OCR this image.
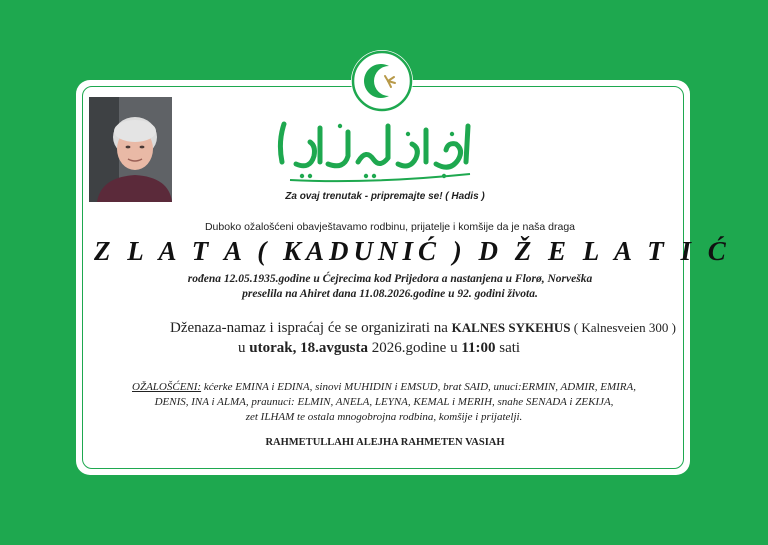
Za ovaj trenutak - pripremajte se! ( Hadis )
Duboko ožalošćeni obavještavamo rodbinu, prijatelje i komšije da je naša draga
Z L A T A ( KADUNIĆ ) D Ž E L A T I Ć
rođena 12.05.1935.godine u Ćejrecima kod Prijedora a nastanjena u Florø, Norveška
preselila na Ahiret dana 11.08.2026.godine u 92. godini života.
Dženaza-namaz i ispraćaj će se organizirati na KALNES SYKEHUS ( Kalnesveien 300 )
u utorak, 18.avgusta 2026.godine u 11:00 sati
OŽALOŠĆENI: kćerke EMINA i EDINA, sinovi MUHIDIN i EMSUD, brat SAID, unuci:ERMIN, ADMIR, EMIRA,
DENIS, INA i ALMA, praunuci: ELMIN, ANELA, LEYNA, KEMAL i MERIH, snahe SENADA i ZEKIJA,
zet ILHAM te ostala mnogobrojna rodbina, komšije i prijatelji.
RAHMETULLAHI ALEJHA RAHMETEN VASIAH
